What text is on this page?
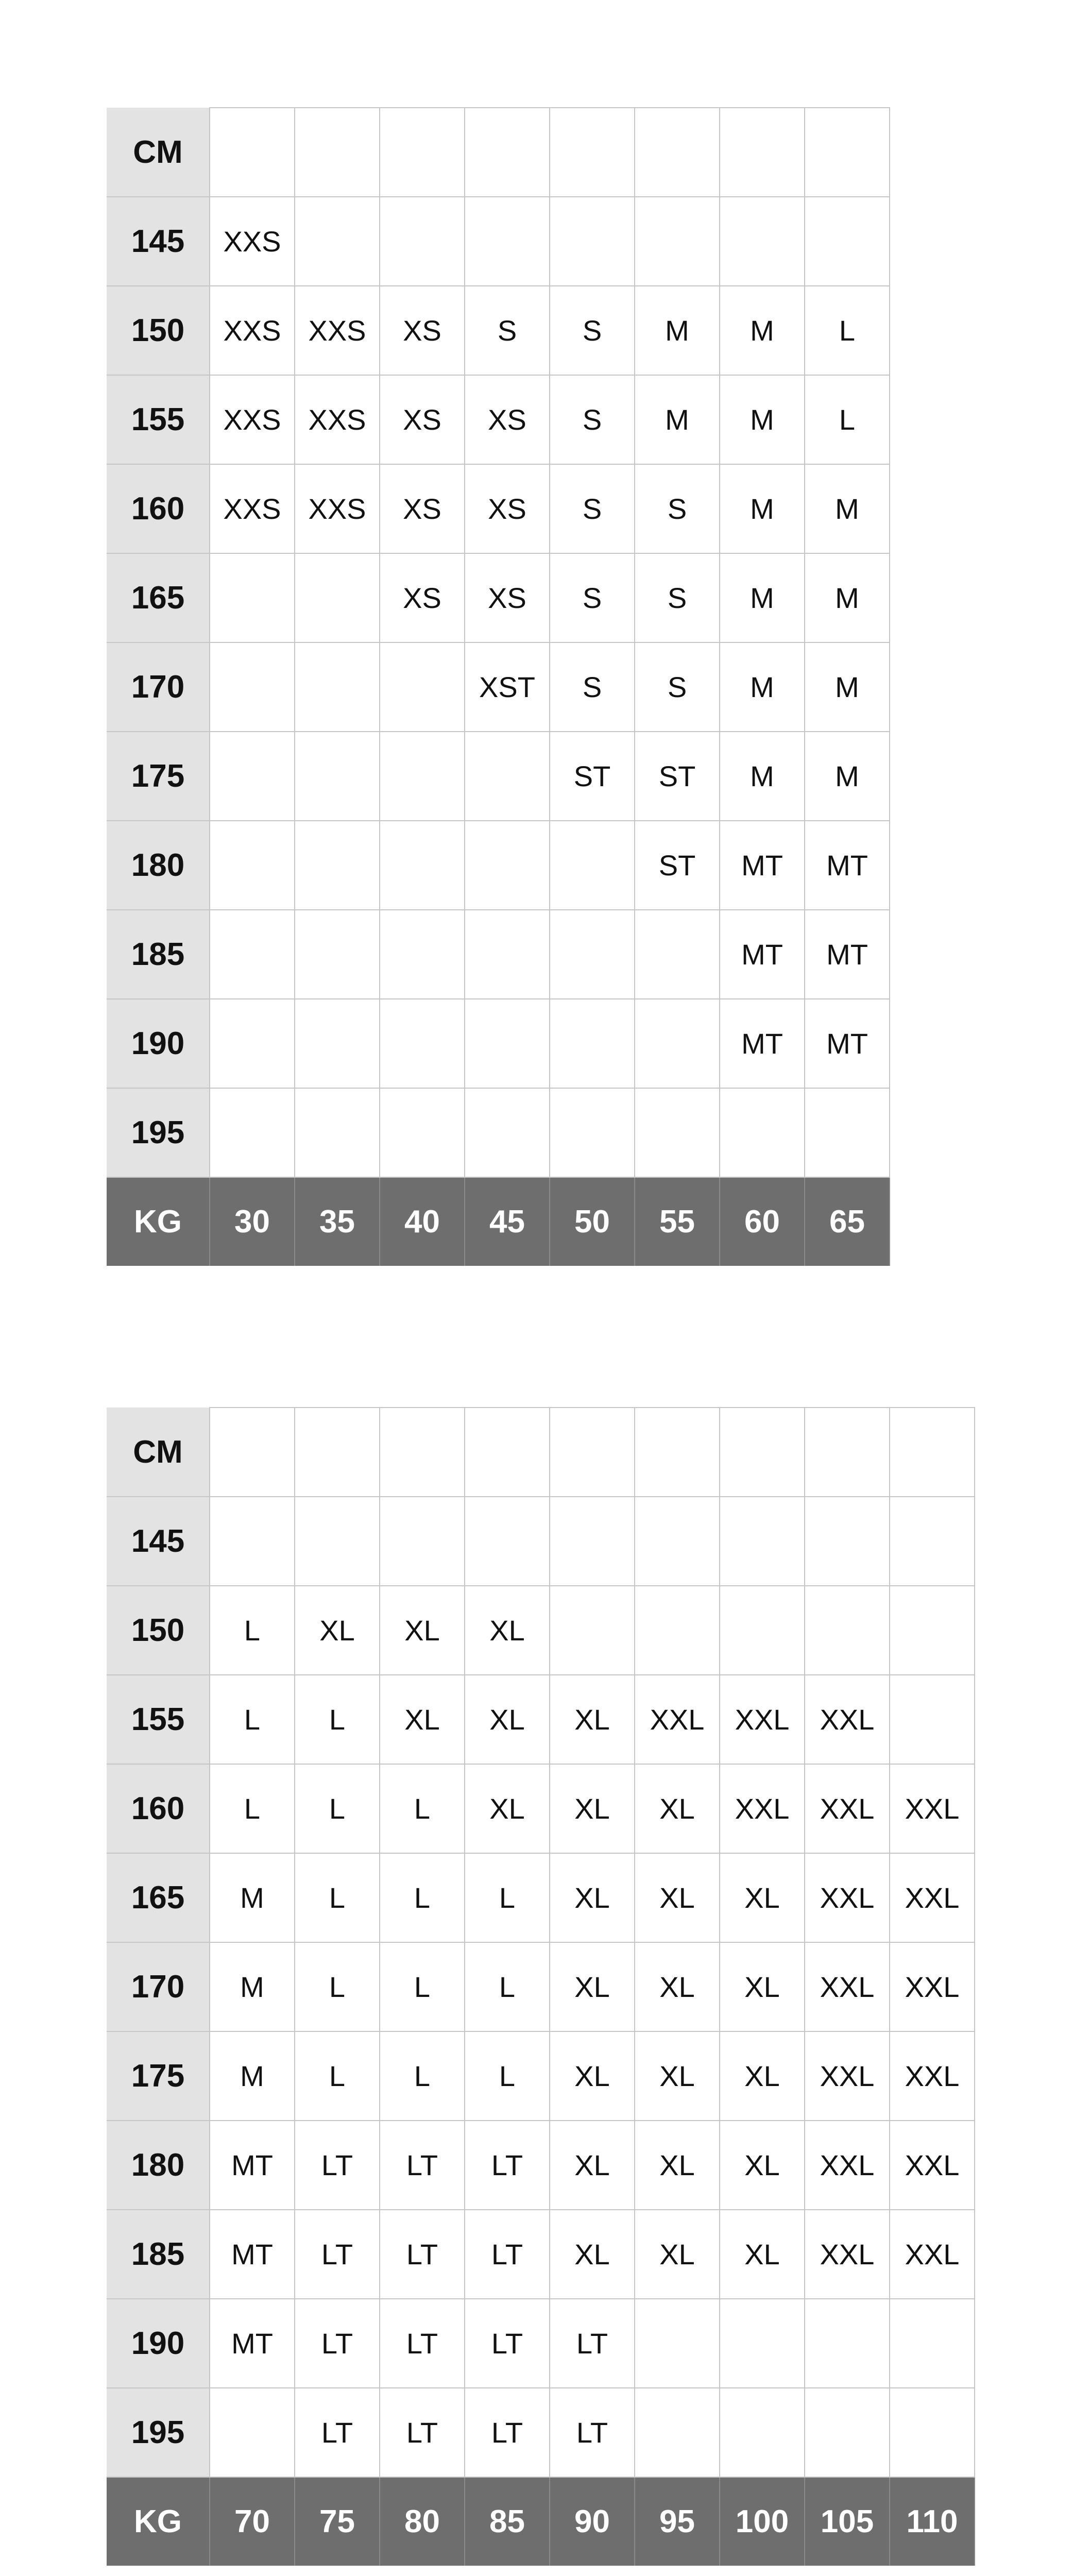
CM								
145	XXS							
150	XXS	XXS	XS	S	S	M	M	L
155	XXS	XXS	XS	XS	S	M	M	L
160	XXS	XXS	XS	XS	S	S	M	M
165			XS	XS	S	S	M	M
170				XST	S	S	M	M
175					ST	ST	M	M
180						ST	MT	MT
185							MT	MT
190							MT	MT
195								
KG	30	35	40	45	50	55	60	65
CM									
145									
150	L	XL	XL	XL					
155	L	L	XL	XL	XL	XXL	XXL	XXL	
160	L	L	L	XL	XL	XL	XXL	XXL	XXL
165	M	L	L	L	XL	XL	XL	XXL	XXL
170	M	L	L	L	XL	XL	XL	XXL	XXL
175	M	L	L	L	XL	XL	XL	XXL	XXL
180	MT	LT	LT	LT	XL	XL	XL	XXL	XXL
185	MT	LT	LT	LT	XL	XL	XL	XXL	XXL
190	MT	LT	LT	LT	LT				
195		LT	LT	LT	LT				
KG	70	75	80	85	90	95	100	105	110
